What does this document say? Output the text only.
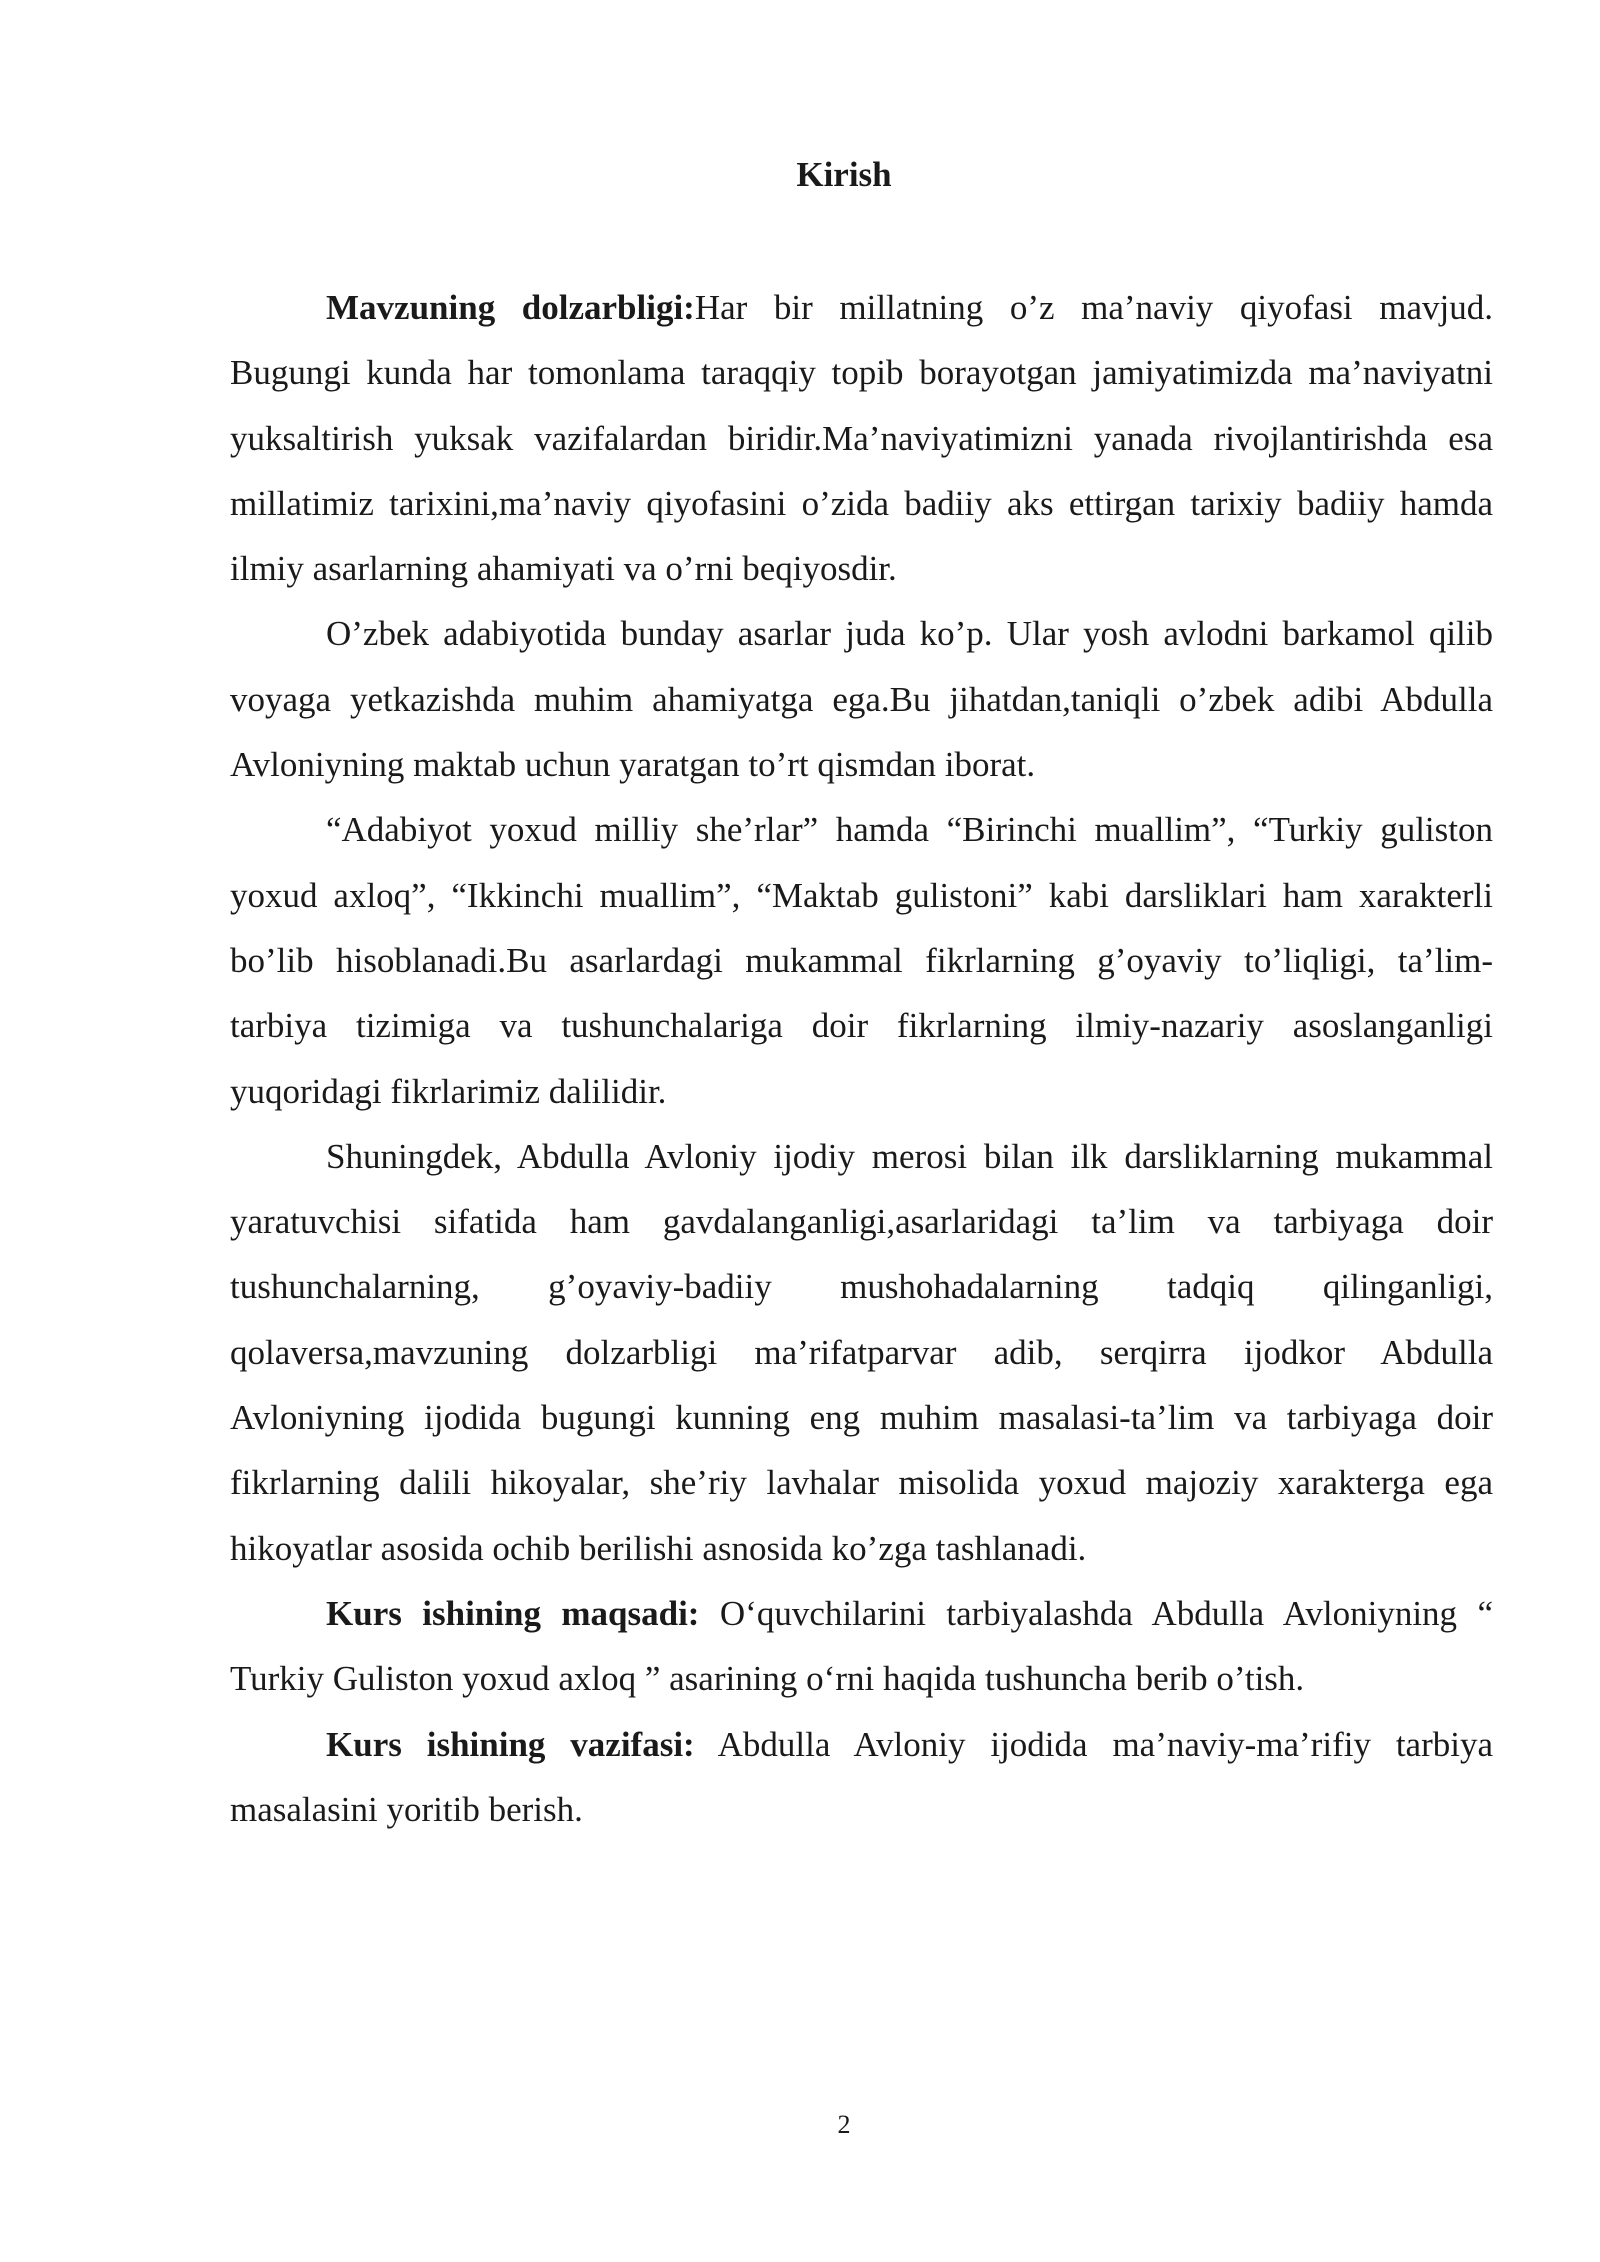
Kirish

Mavzuning dolzarbligi:Har bir millatning o’z ma’naviy qiyofasi mavjud. Bugungi kunda har tomonlama taraqqiy topib borayotgan jamiyatimizda ma’naviyatni yuksaltirish yuksak vazifalardan biridir.Ma’naviyatimizni yanada rivojlantirishda esa millatimiz tarixini,ma’naviy qiyofasini o’zida badiiy aks ettirgan tarixiy badiiy hamda ilmiy asarlarning ahamiyati va o’rni beqiyosdir.

O’zbek adabiyotida bunday asarlar juda ko’p. Ular yosh avlodni barkamol qilib voyaga yetkazishda muhim ahamiyatga ega.Bu jihatdan,taniqli o’zbek adibi Abdulla Avloniyning maktab uchun yaratgan to’rt qismdan iborat.

“Adabiyot yoxud milliy she’rlar” hamda “Birinchi muallim”, “Turkiy guliston yoxud axloq”, “Ikkinchi muallim”, “Maktab gulistoni” kabi darsliklari ham xarakterli bo’lib hisoblanadi.Bu asarlardagi mukammal fikrlarning g’oyaviy to’liqligi, ta’lim-tarbiya tizimiga va tushunchalariga doir fikrlarning ilmiy-nazariy asoslanganligi yuqoridagi fikrlarimiz dalilidir.

Shuningdek, Abdulla Avloniy ijodiy merosi bilan ilk darsliklarning mukammal yaratuvchisi sifatida ham gavdalanganligi,asarlaridagi ta’lim va tarbiyaga doir tushunchalarning, g’oyaviy-badiiy mushohadalarning tadqiq qilinganligi, qolaversa,mavzuning dolzarbligi ma’rifatparvar adib, serqirra ijodkor Abdulla Avloniyning ijodida bugungi kunning eng muhim masalasi-ta’lim va tarbiyaga doir fikrlarning dalili hikoyalar, she’riy lavhalar misolida yoxud majoziy xarakterga ega hikoyatlar asosida ochib berilishi asnosida ko’zga tashlanadi.

Kurs ishining maqsadi: O‘quvchilarini tarbiyalashda Abdulla Avloniyning “ Turkiy Guliston yoxud axloq ” asarining o‘rni haqida tushuncha berib o’tish.

Kurs ishining vazifasi: Abdulla Avloniy ijodida ma’naviy-ma’rifiy tarbiya masalasini yoritib berish.

2
